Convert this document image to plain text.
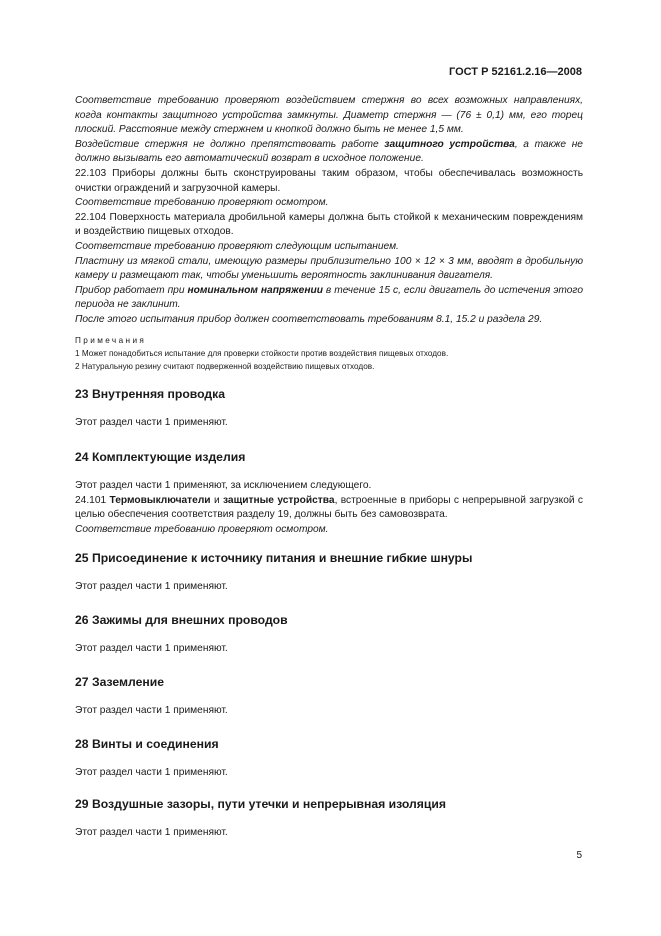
ГОСТ Р 52161.2.16—2008

Соответствие требованию проверяют воздействием стержня во всех возможных направлениях, когда контакты защитного устройства замкнуты. Диаметр стержня — (76 ± 0,1) мм, его торец плоский. Расстояние между стержнем и кнопкой должно быть не менее 1,5 мм.

Воздействие стержня не должно препятствовать работе защитного устройства, а также не должно вызывать его автоматический возврат в исходное положение.

22.103 Приборы должны быть сконструированы таким образом, чтобы обеспечивалась возможность очистки ограждений и загрузочной камеры.

Соответствие требованию проверяют осмотром.

22.104 Поверхность материала дробильной камеры должна быть стойкой к механическим повреждениям и воздействию пищевых отходов.

Соответствие требованию проверяют следующим испытанием.

Пластину из мягкой стали, имеющую размеры приблизительно 100 × 12 × 3 мм, вводят в дробильную камеру и размещают так, чтобы уменьшить вероятность заклинивания двигателя.

Прибор работает при номинальном напряжении в течение 15 с, если двигатель до истечения этого периода не заклинит.

После этого испытания прибор должен соответствовать требованиям 8.1, 15.2 и раздела 29.

Примечания
1 Может понадобиться испытание для проверки стойкости против воздействия пищевых отходов.
2 Натуральную резину считают подверженной воздействию пищевых отходов.
23 Внутренняя проводка

Этот раздел части 1 применяют.

24 Комплектующие изделия

Этот раздел части 1 применяют, за исключением следующего.

24.101 Термовыключатели и защитные устройства, встроенные в приборы с непрерывной загрузкой с целью обеспечения соответствия разделу 19, должны быть без самовозврата.

Соответствие требованию проверяют осмотром.

25 Присоединение к источнику питания и внешние гибкие шнуры

Этот раздел части 1 применяют.

26 Зажимы для внешних проводов

Этот раздел части 1 применяют.

27 Заземление

Этот раздел части 1 применяют.

28 Винты и соединения

Этот раздел части 1 применяют.

29 Воздушные зазоры, пути утечки и непрерывная изоляция

Этот раздел части 1 применяют.

5
